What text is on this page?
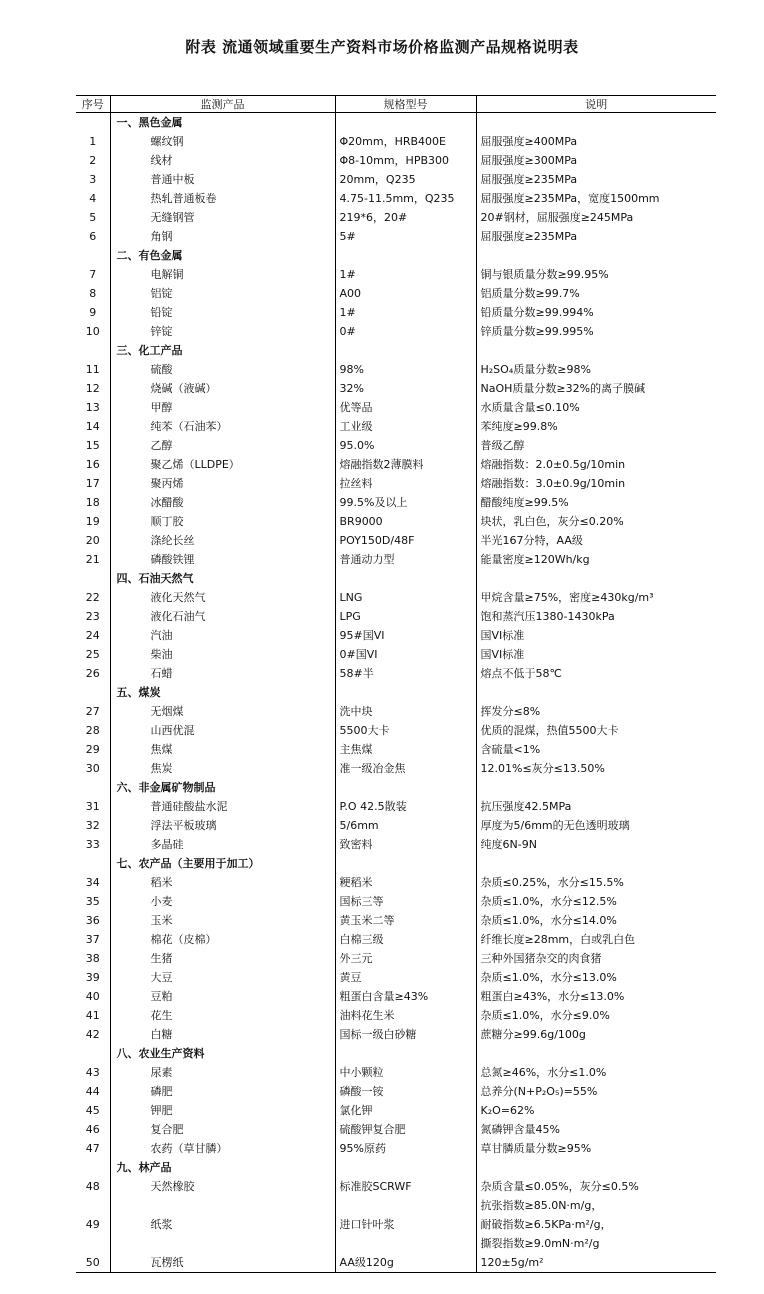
附表 流通领域重要生产资料市场价格监测产品规格说明表
序号	监测产品	规格型号	说明
	一、黑色金属		
1	螺纹钢	Φ20mm，HRB400E	屈服强度≥400MPa
2	线材	Φ8-10mm，HPB300	屈服强度≥300MPa
3	普通中板	20mm，Q235	屈服强度≥235MPa
4	热轧普通板卷	4.75-11.5mm，Q235	屈服强度≥235MPa，宽度1500mm
5	无缝钢管	219*6，20#	20#钢材，屈服强度≥245MPa
6	角钢	5#	屈服强度≥235MPa
	二、有色金属		
7	电解铜	1#	铜与银质量分数≥99.95%
8	铝锭	A00	铝质量分数≥99.7%
9	铅锭	1#	铅质量分数≥99.994%
10	锌锭	0#	锌质量分数≥99.995%
	三、化工产品		
11	硫酸	98%	H₂SO₄质量分数≥98%
12	烧碱（液碱）	32%	NaOH质量分数≥32%的离子膜碱
13	甲醇	优等品	水质量含量≤0.10%
14	纯苯（石油苯）	工业级	苯纯度≥99.8%
15	乙醇	95.0%	普级乙醇
16	聚乙烯（LLDPE）	熔融指数2薄膜料	熔融指数：2.0±0.5g/10min
17	聚丙烯	拉丝料	熔融指数：3.0±0.9g/10min
18	冰醋酸	99.5%及以上	醋酸纯度≥99.5%
19	顺丁胶	BR9000	块状，乳白色，灰分≤0.20%
20	涤纶长丝	POY150D/48F	半光167分特，AA级
21	磷酸铁锂	普通动力型	能量密度≥120Wh/kg
	四、石油天然气		
22	液化天然气	LNG	甲烷含量≥75%，密度≥430kg/m³
23	液化石油气	LPG	饱和蒸汽压1380-1430kPa
24	汽油	95#国VI	国VI标准
25	柴油	0#国VI	国VI标准
26	石蜡	58#半	熔点不低于58℃
	五、煤炭		
27	无烟煤	洗中块	挥发分≤8%
28	山西优混	5500大卡	优质的混煤，热值5500大卡
29	焦煤	主焦煤	含硫量<1%
30	焦炭	准一级冶金焦	12.01%≤灰分≤13.50%
	六、非金属矿物制品		
31	普通硅酸盐水泥	P.O 42.5散装	抗压强度42.5MPa
32	浮法平板玻璃	5/6mm	厚度为5/6mm的无色透明玻璃
33	多晶硅	致密料	纯度6N-9N
	七、农产品（主要用于加工）		
34	稻米	粳稻米	杂质≤0.25%，水分≤15.5%
35	小麦	国标三等	杂质≤1.0%，水分≤12.5%
36	玉米	黄玉米二等	杂质≤1.0%，水分≤14.0%
37	棉花（皮棉）	白棉三级	纤维长度≥28mm，白或乳白色
38	生猪	外三元	三种外国猪杂交的肉食猪
39	大豆	黄豆	杂质≤1.0%，水分≤13.0%
40	豆粕	粗蛋白含量≥43%	粗蛋白≥43%，水分≤13.0%
41	花生	油料花生米	杂质≤1.0%，水分≤9.0%
42	白糖	国标一级白砂糖	蔗糖分≥99.6g/100g
	八、农业生产资料		
43	尿素	中小颗粒	总氮≥46%，水分≤1.0%
44	磷肥	磷酸一铵	总养分(N+P₂O₅)=55%
45	钾肥	氯化钾	K₂O=62%
46	复合肥	硫酸钾复合肥	氮磷钾含量45%
47	农药（草甘膦）	95%原药	草甘膦质量分数≥95%
	九、林产品		
48	天然橡胶	标准胶SCRWF	杂质含量≤0.05%，灰分≤0.5%
49	纸浆	进口针叶浆	抗张指数≥85.0N·m/g，
耐破指数≥6.5KPa·m²/g，
撕裂指数≥9.0mN·m²/g

50	瓦楞纸	AA级120g	120±5g/m²
